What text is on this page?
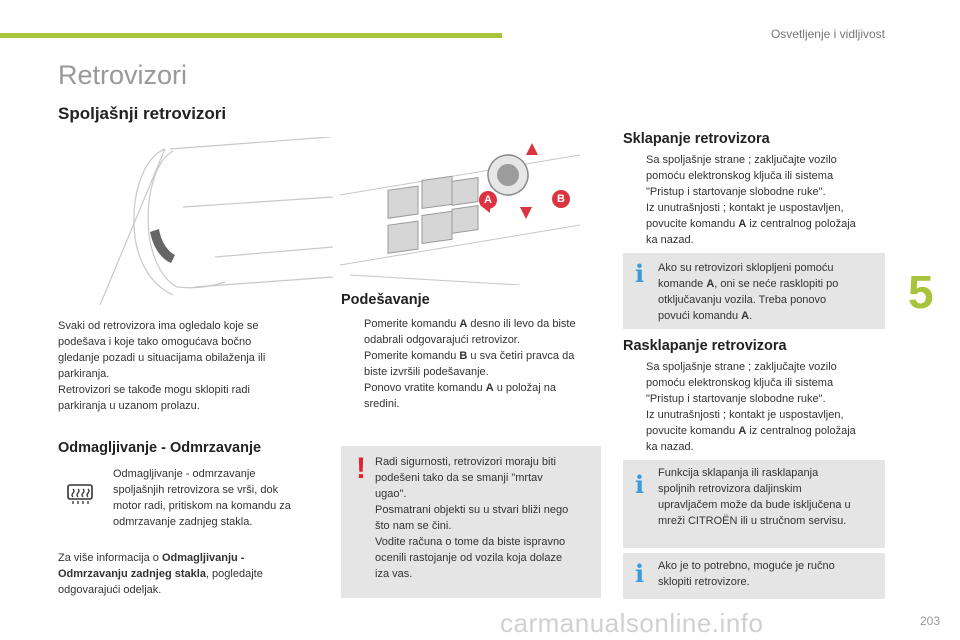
Osvetljenje i vidljivost
Retrovizori
Spoljašnji retrovizori
A	B
Svaki od retrovizora ima ogledalo koje se
podešava i koje tako omogućava bočno
gledanje pozadi u situacijama obilaženja ili
parkiranja.
Retrovizori se takođe mogu sklopiti radi
parkiranja u uzanom prolazu.
Odmagljivanje - Odmrzavanje
Odmagljivanje - odmrzavanje
spoljašnjih retrovizora se vrši, dok
motor radi, pritiskom na komandu za
odmrzavanje zadnjeg stakla.
Za više informacija o Odmagljivanju -
Odmrzavanju zadnjeg stakla, pogledajte
odgovarajući odeljak.
Podešavanje
Pomerite komandu A desno ili levo da biste
odabrali odgovarajući retrovizor.
Pomerite komandu B u sva četiri pravca da
biste izvršili podešavanje.
Ponovo vratite komandu A u položaj na
sredini.
! Radi sigurnosti, retrovizori moraju biti
podešeni tako da se smanji "mrtav
ugao".
Posmatrani objekti su u stvari bliži nego
što nam se čini.
Vodite računa o tome da biste ispravno
ocenili rastojanje od vozila koja dolaze
iza vas.
Sklapanje retrovizora
Sa spoljašnje strane ; zaključajte vozilo
pomoću elektronskog ključa ili sistema
"Pristup i startovanje slobodne ruke".
Iz unutrašnjosti ; kontakt je uspostavljen,
povucite komandu A iz centralnog položaja
ka nazad.
i Ako su retrovizori sklopljeni pomoću
komande A, oni se neće rasklopiti po
otključavanju vozila. Treba ponovo
povući komandu A.
Rasklapanje retrovizora
Sa spoljašnje strane ; zaključajte vozilo
pomoću elektronskog ključa ili sistema
"Pristup i startovanje slobodne ruke".
Iz unutrašnjosti ; kontakt je uspostavljen,
povucite komandu A iz centralnog položaja
ka nazad.
i Funkcija sklapanja ili rasklapanja
spoljnih retrovizora daljinskim
upravljačem može da bude isključena u
mreži CITROËN ili u stručnom servisu.
i Ako je to potrebno, moguće je ručno
sklopiti retrovizore.
5
carmanualsonline.info	203
